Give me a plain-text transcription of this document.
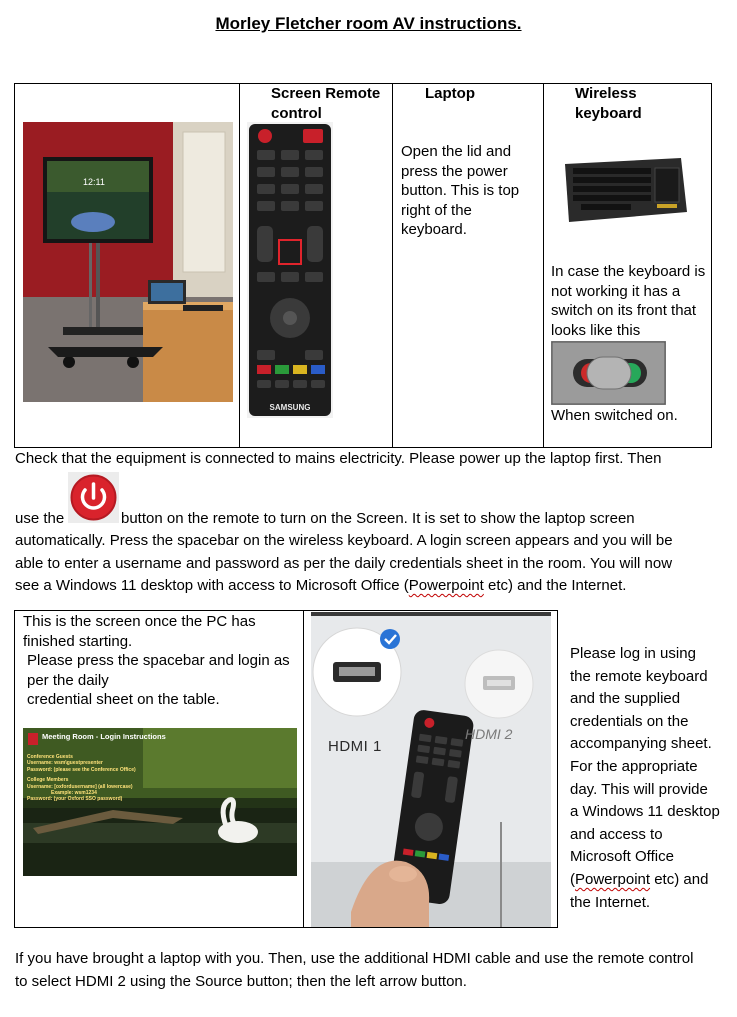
Morley Fletcher room AV instructions.
12:11
Screen Remote control
SAMSUNG
Laptop
Open the lid and press the power button. This is top right of the keyboard.
Wireless keyboard
In case the keyboard is not working it has a switch on its front that looks like this
When switched on.
Check that the equipment is connected to mains electricity. Please power up the laptop first. Then
use the	button on the remote to turn on the Screen. It is set to show the laptop screen
automatically. Press the spacebar on the wireless keyboard. A login screen appears and you will be
able to enter a username and password as per the daily credentials sheet in the room. You will now
see a Windows 11 desktop with access to Microsoft Office (Powerpoint etc) and the Internet.
This is the screen once the PC has finished starting.
Please press the spacebar and login as per the daily
credential sheet on the table.
Meeting Room - Login Instructions
Conference Guests
Username: wsm\guestpresenter
Password: (please see the Conference Office)
College Members
Username: [oxfordusername] (all lowercase)
Example: wsm1234
Password: (your Oxford SSO password)
HDMI 1
HDMI 2
Please log in using the remote keyboard and the supplied credentials on the accompanying sheet.
For the appropriate day. This will provide a Windows 11 desktop and access to Microsoft Office (Powerpoint etc) and the Internet.
If you have brought a laptop with you. Then, use the additional HDMI cable and use the remote control
to select HDMI 2 using the Source button; then the left arrow button.
